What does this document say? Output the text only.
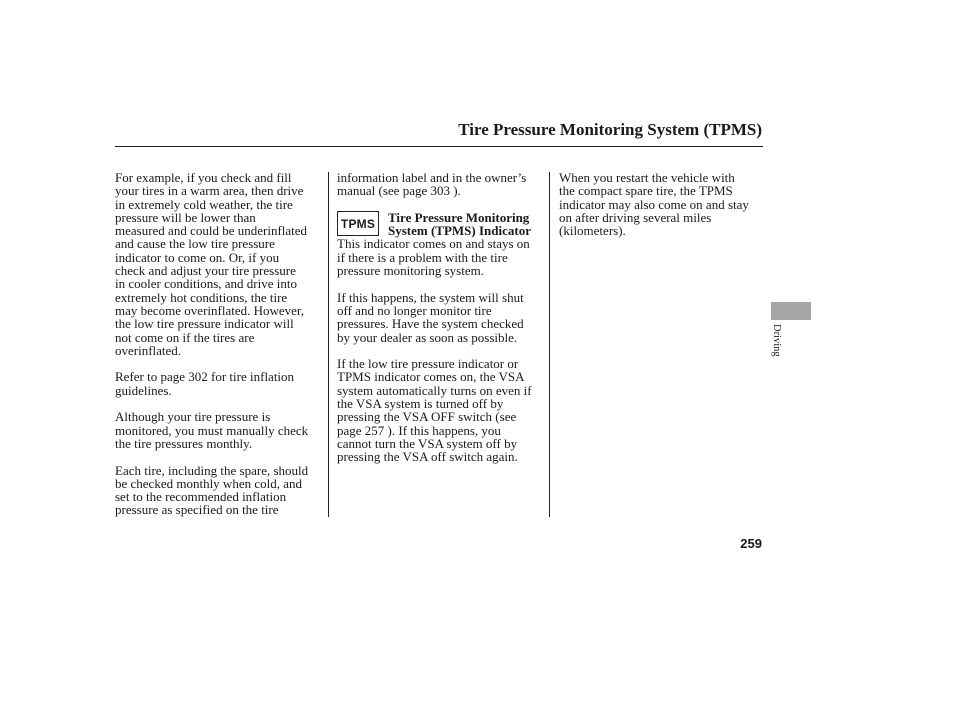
Tire Pressure Monitoring System (TPMS)
For example, if you check and fill
your tires in a warm area, then drive
in extremely cold weather, the tire
pressure will be lower than
measured and could be underinflated
and cause the low tire pressure
indicator to come on. Or, if you
check and adjust your tire pressure
in cooler conditions, and drive into
extremely hot conditions, the tire
may become overinflated. However,
the low tire pressure indicator will
not come on if the tires are
overinflated.
Refer to page 302 for tire inflation
guidelines.
Although your tire pressure is
monitored, you must manually check
the tire pressures monthly.
Each tire, including the spare, should
be checked monthly when cold, and
set to the recommended inflation
pressure as specified on the tire
information label and in the owner’s
manual (see page 303 ).
TPMS Tire Pressure Monitoring
System (TPMS) Indicator
This indicator comes on and stays on
if there is a problem with the tire
pressure monitoring system.
If this happens, the system will shut
off and no longer monitor tire
pressures. Have the system checked
by your dealer as soon as possible.
If the low tire pressure indicator or
TPMS indicator comes on, the VSA
system automatically turns on even if
the VSA system is turned off by
pressing the VSA OFF switch (see
page 257 ). If this happens, you
cannot turn the VSA system off by
pressing the VSA off switch again.
When you restart the vehicle with
the compact spare tire, the TPMS
indicator may also come on and stay
on after driving several miles
(kilometers).
Driving
259
